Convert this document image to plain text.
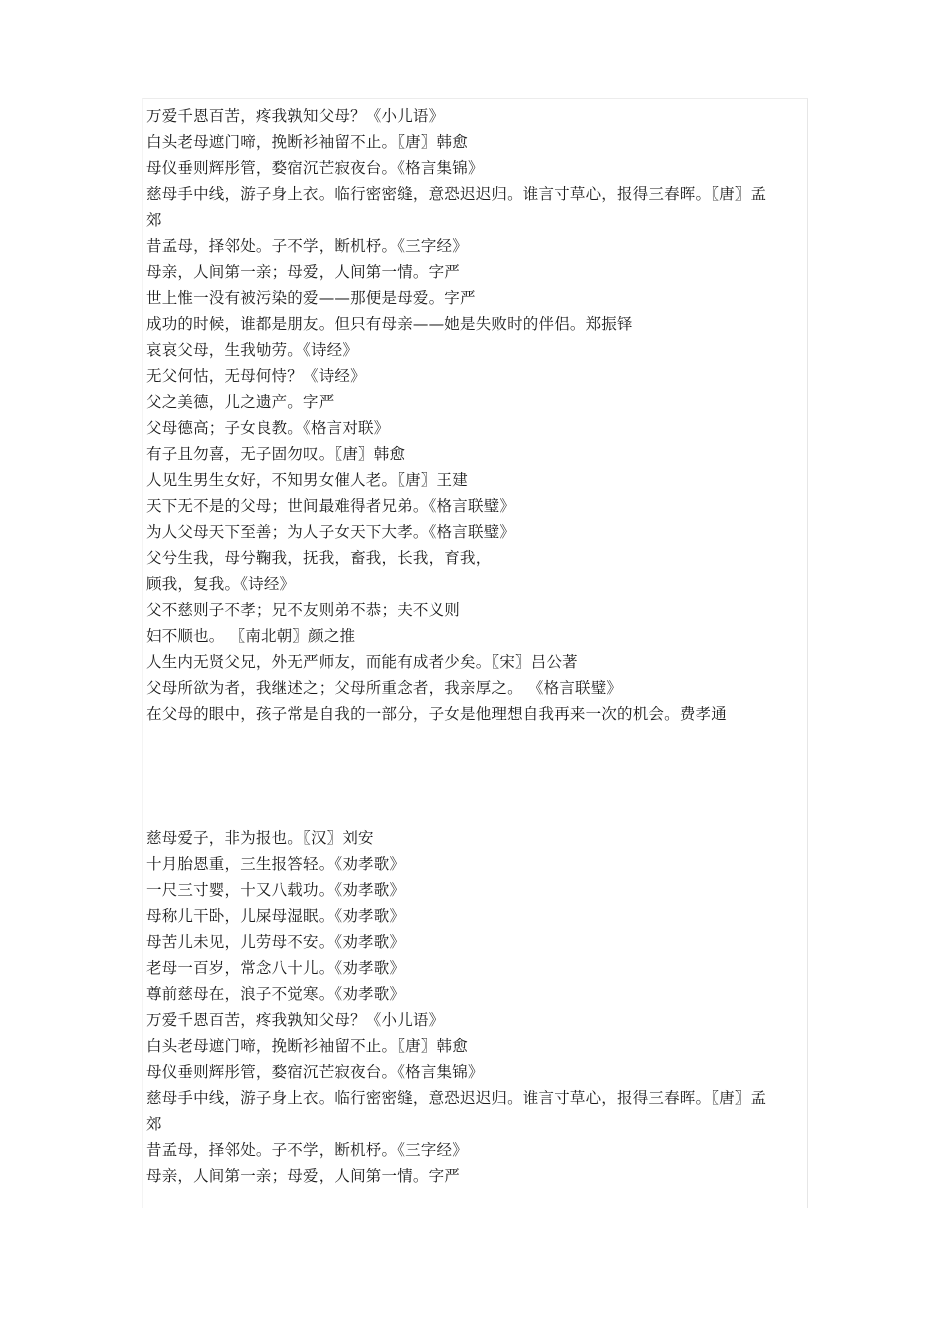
万爱千恩百苦，疼我孰知父母？《小儿语》
白头老母遮门啼，挽断衫袖留不止。〖唐〗韩愈
母仪垂则辉彤管，婺宿沉芒寂夜台。《格言集锦》
慈母手中线，游子身上衣。临行密密缝，意恐迟迟归。谁言寸草心，报得三春晖。〖唐〗孟
郊
昔孟母，择邻处。子不学，断机杼。《三字经》
母亲，人间第一亲；母爱，人间第一情。字严
世上惟一没有被污染的爱——那便是母爱。字严
成功的时候，谁都是朋友。但只有母亲——她是失败时的伴侣。郑振铎
哀哀父母，生我劬劳。《诗经》
无父何怙，无母何恃？《诗经》
父之美德，儿之遗产。字严
父母德高；子女良教。《格言对联》
有子且勿喜，无子固勿叹。〖唐〗韩愈
人见生男生女好，不知男女催人老。〖唐〗王建
天下无不是的父母；世间最难得者兄弟。《格言联璧》
为人父母天下至善；为人子女天下大孝。《格言联璧》
父兮生我，母兮鞠我，抚我，畜我，长我，育我，
顾我，复我。《诗经》
父不慈则子不孝；兄不友则弟不恭；夫不义则
妇不顺也。 〖南北朝〗颜之推
人生内无贤父兄，外无严师友，而能有成者少矣。〖宋〗吕公著
父母所欲为者，我继述之；父母所重念者，我亲厚之。 《格言联璧》
在父母的眼中，孩子常是自我的一部分，子女是他理想自我再来一次的机会。费孝通
慈母爱子，非为报也。〖汉〗刘安
十月胎恩重，三生报答轻。《劝孝歌》
一尺三寸婴，十又八载功。《劝孝歌》
母称儿干卧，儿屎母湿眠。《劝孝歌》
母苦儿未见，儿劳母不安。《劝孝歌》
老母一百岁，常念八十儿。《劝孝歌》
尊前慈母在，浪子不觉寒。《劝孝歌》
万爱千恩百苦，疼我孰知父母？《小儿语》
白头老母遮门啼，挽断衫袖留不止。〖唐〗韩愈
母仪垂则辉彤管，婺宿沉芒寂夜台。《格言集锦》
慈母手中线，游子身上衣。临行密密缝，意恐迟迟归。谁言寸草心，报得三春晖。〖唐〗孟
郊
昔孟母，择邻处。子不学，断机杼。《三字经》
母亲，人间第一亲；母爱，人间第一情。字严
